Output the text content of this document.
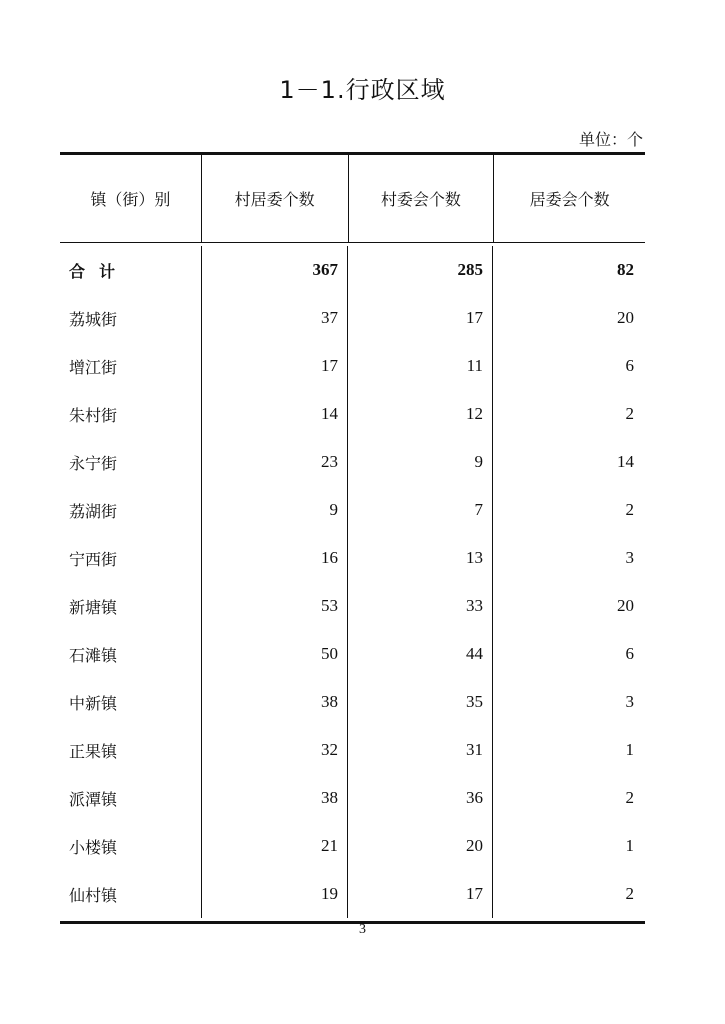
1－1.行政区域
单位：个
镇（街）别	村居委个数	村委会个数	居委会个数
合计	367	285	82
荔城街	37	17	20
增江街	17	11	6
朱村街	14	12	2
永宁街	23	9	14
荔湖街	9	7	2
宁西街	16	13	3
新塘镇	53	33	20
石滩镇	50	44	6
中新镇	38	35	3
正果镇	32	31	1
派潭镇	38	36	2
小楼镇	21	20	1
仙村镇	19	17	2
3
